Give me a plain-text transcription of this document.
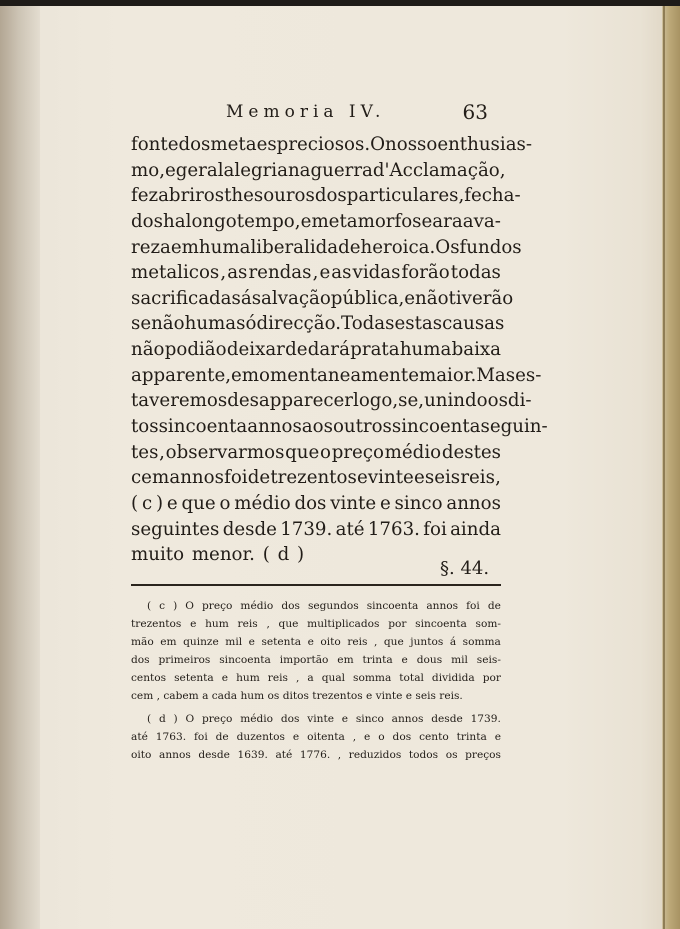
Memoria IV.	63
fonte dos metaes preciosos. O nosso enthusias-
mo , e geral alegria na guerra d'Acclamação ,
fez abrir os thesouros dos particulares , fecha-
dos ha longo tempo , e metamorfosear a ava-
reza em huma liberalidade heroica. Os fundos
metalicos , as rendas , e as vidas forão todas
sacrificadas á salvação pública , e não tiverão
senão huma só direcção. Todas estas causas
não podião deixar de dar á prata huma baixa
apparente , e momentaneamente maior. Mas es-
ta veremos desapparecer logo , se , unindo os di-
tos sincoenta annos aos outros sincoenta seguin-
tes , observarmos que o preço médio destes
cem annos foi de trezentos e vinte e seis reis ,
( c ) e que o médio dos vinte e sinco annos
seguintes desde 1739. até 1763. foi ainda
muito menor. ( d )
§. 44.
( c ) O preço médio dos segundos sincoenta annos foi de
trezentos e hum reis , que multiplicados por sincoenta som-
mão em quinze mil e setenta e oito reis , que juntos á somma
dos primeiros sincoenta importão em trinta e dous mil seis-
centos setenta e hum reis , a qual somma total dividida por
cem , cabem a cada hum os ditos trezentos e vinte e seis reis.
( d ) O preço médio dos vinte e sinco annos desde 1739.
até 1763. foi de duzentos e oitenta , e o dos cento trinta e
oito annos desde 1639. até 1776. , reduzidos todos os preços
